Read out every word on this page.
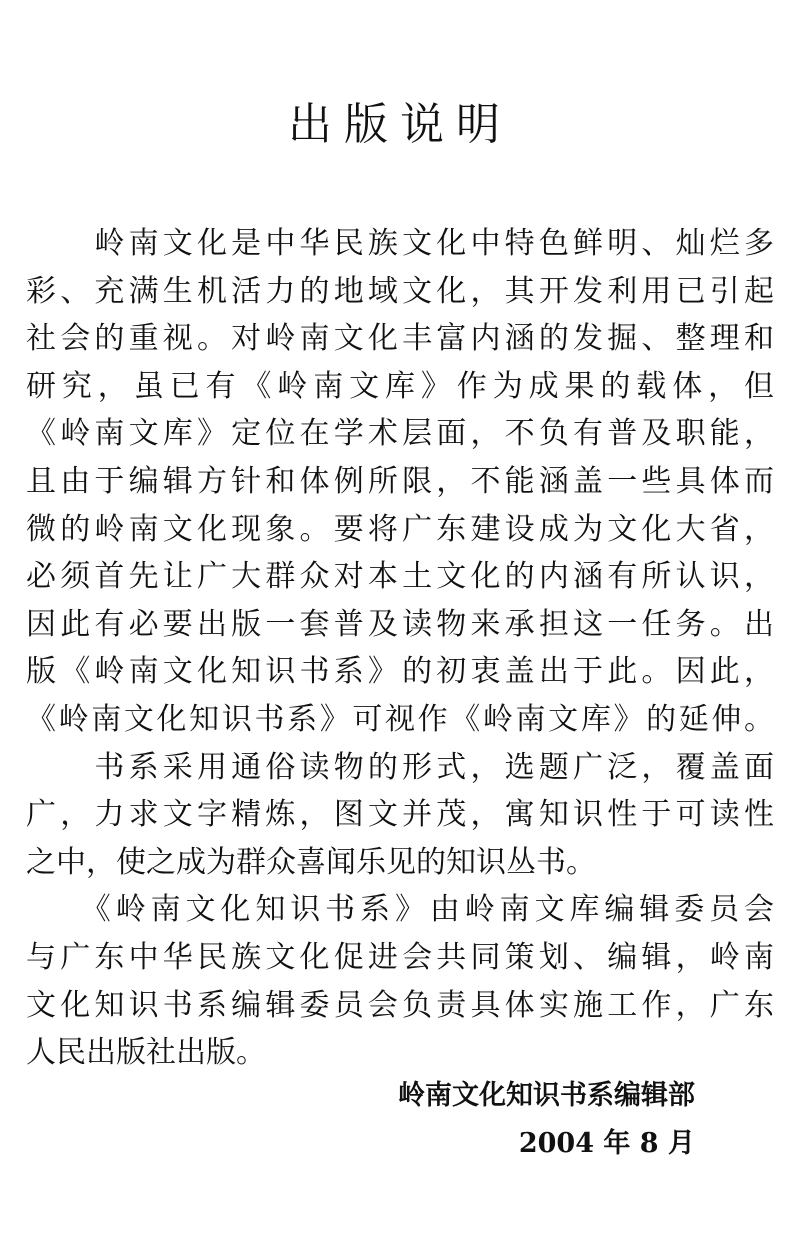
出版说明
　　岭南文化是中华民族文化中特色鲜明、灿烂多
彩、充满生机活力的地域文化，其开发利用已引起
社会的重视。对岭南文化丰富内涵的发掘、整理和
研究，虽已有《岭南文库》作为成果的载体，但
《岭南文库》定位在学术层面，不负有普及职能，
且由于编辑方针和体例所限，不能涵盖一些具体而
微的岭南文化现象。要将广东建设成为文化大省，
必须首先让广大群众对本土文化的内涵有所认识，
因此有必要出版一套普及读物来承担这一任务。出
版《岭南文化知识书系》的初衷盖出于此。因此，
《岭南文化知识书系》可视作《岭南文库》的延伸。
　　书系采用通俗读物的形式，选题广泛，覆盖面
广，力求文字精炼，图文并茂，寓知识性于可读性
之中，使之成为群众喜闻乐见的知识丛书。
　　《岭南文化知识书系》由岭南文库编辑委员会
与广东中华民族文化促进会共同策划、编辑，岭南
文化知识书系编辑委员会负责具体实施工作，广东
人民出版社出版。
岭南文化知识书系编辑部
2004 年 8 月
